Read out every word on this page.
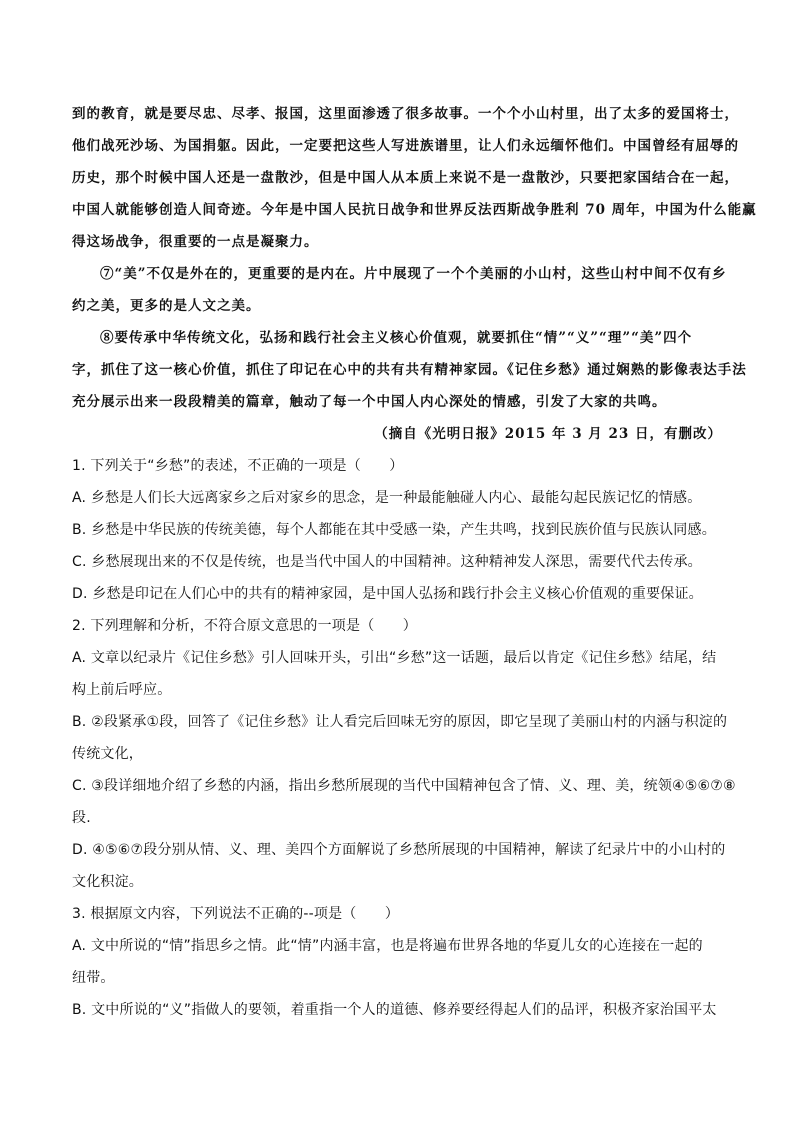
到的教育，就是要尽忠、尽孝、报国，这里面渗透了很多故事。一个个小山村里，出了太多的爱国将士，
他们战死沙场、为国捐躯。因此，一定要把这些人写进族谱里，让人们永远缅怀他们。中国曾经有屈辱的
历史，那个时候中国人还是一盘散沙，但是中国人从本质上来说不是一盘散沙，只要把家国结合在一起，
中国人就能够创造人间奇迹。今年是中国人民抗日战争和世界反法西斯战争胜利 70 周年，中国为什么能赢
得这场战争，很重要的一点是凝聚力。
⑦“美”不仅是外在的，更重要的是内在。片中展现了一个个美丽的小山村，这些山村中间不仅有乡
约之美，更多的是人文之美。
⑧要传承中华传统文化，弘扬和践行社会主义核心价值观，就要抓住“情”“义”“理”“美”四个
字，抓住了这一核心价值，抓住了印记在心中的共有共有精神家园。《记住乡愁》通过娴熟的影像表达手法
充分展示出来一段段精美的篇章，触动了每一个中国人内心深处的情感，引发了大家的共鸣。
（摘自《光明日报》2015 年 3 月 23 日，有删改）
1. 下列关于“乡愁”的表述，不正确的一项是（　　）
A. 乡愁是人们长大远离家乡之后对家乡的思念，是一种最能触碰人内心、最能勾起民族记忆的情感。
B. 乡愁是中华民族的传统美德，每个人都能在其中受感一染，产生共鸣，找到民族价值与民族认同感。
C. 乡愁展现出来的不仅是传统，也是当代中国人的中国精神。这种精神发人深思，需要代代去传承。
D. 乡愁是印记在人们心中的共有的精神家园，是中国人弘扬和践行扑会主义核心价值观的重要保证。
2. 下列理解和分析，不符合原文意思的一项是（　　）
A. 文章以纪录片《记住乡愁》引人回味开头，引出“乡愁”这一话题，最后以肯定《记住乡愁》结尾，结
构上前后呼应。
B. ②段紧承①段，回答了《记住乡愁》让人看完后回味无穷的原因，即它呈现了美丽山村的内涵与积淀的
传统文化，
C. ③段详细地介绍了乡愁的内涵，指出乡愁所展现的当代中国精神包含了情、义、理、美，统领④⑤⑥⑦⑧
段.
D. ④⑤⑥⑦段分别从情、义、理、美四个方面解说了乡愁所展现的中国精神，解读了纪录片中的小山村的
文化积淀。
3. 根据原文内容，下列说法不正确的--项是（　　）
A. 文中所说的“情”指思乡之情。此“情”内涵丰富，也是将遍布世界各地的华夏儿女的心连接在一起的
纽带。
B. 文中所说的“义”指做人的要领，着重指一个人的道德、修养要经得起人们的品评，积极齐家治国平太
